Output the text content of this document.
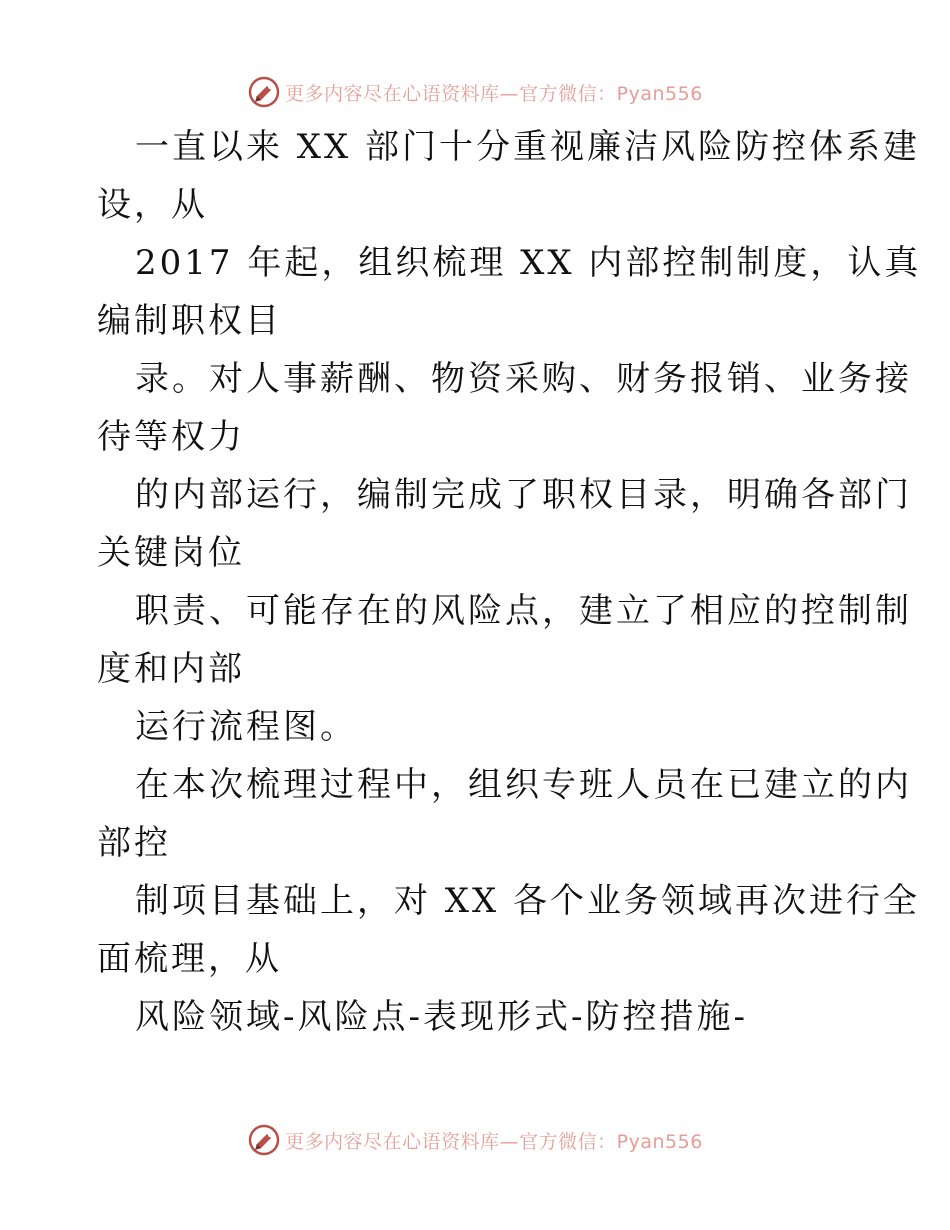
更多内容尽在心语资料库—官方微信：Pyan556
一直以来 XX 部门十分重视廉洁风险防控体系建
设，从
2017 年起，组织梳理 XX 内部控制制度，认真
编制职权目
录。对人事薪酬、物资采购、财务报销、业务接
待等权力
的内部运行，编制完成了职权目录，明确各部门
关键岗位
职责、可能存在的风险点，建立了相应的控制制
度和内部
运行流程图。
在本次梳理过程中，组织专班人员在已建立的内
部控
制项目基础上，对 XX 各个业务领域再次进行全
面梳理，从
风险领域-风险点-表现形式-防控措施-
更多内容尽在心语资料库—官方微信：Pyan556
